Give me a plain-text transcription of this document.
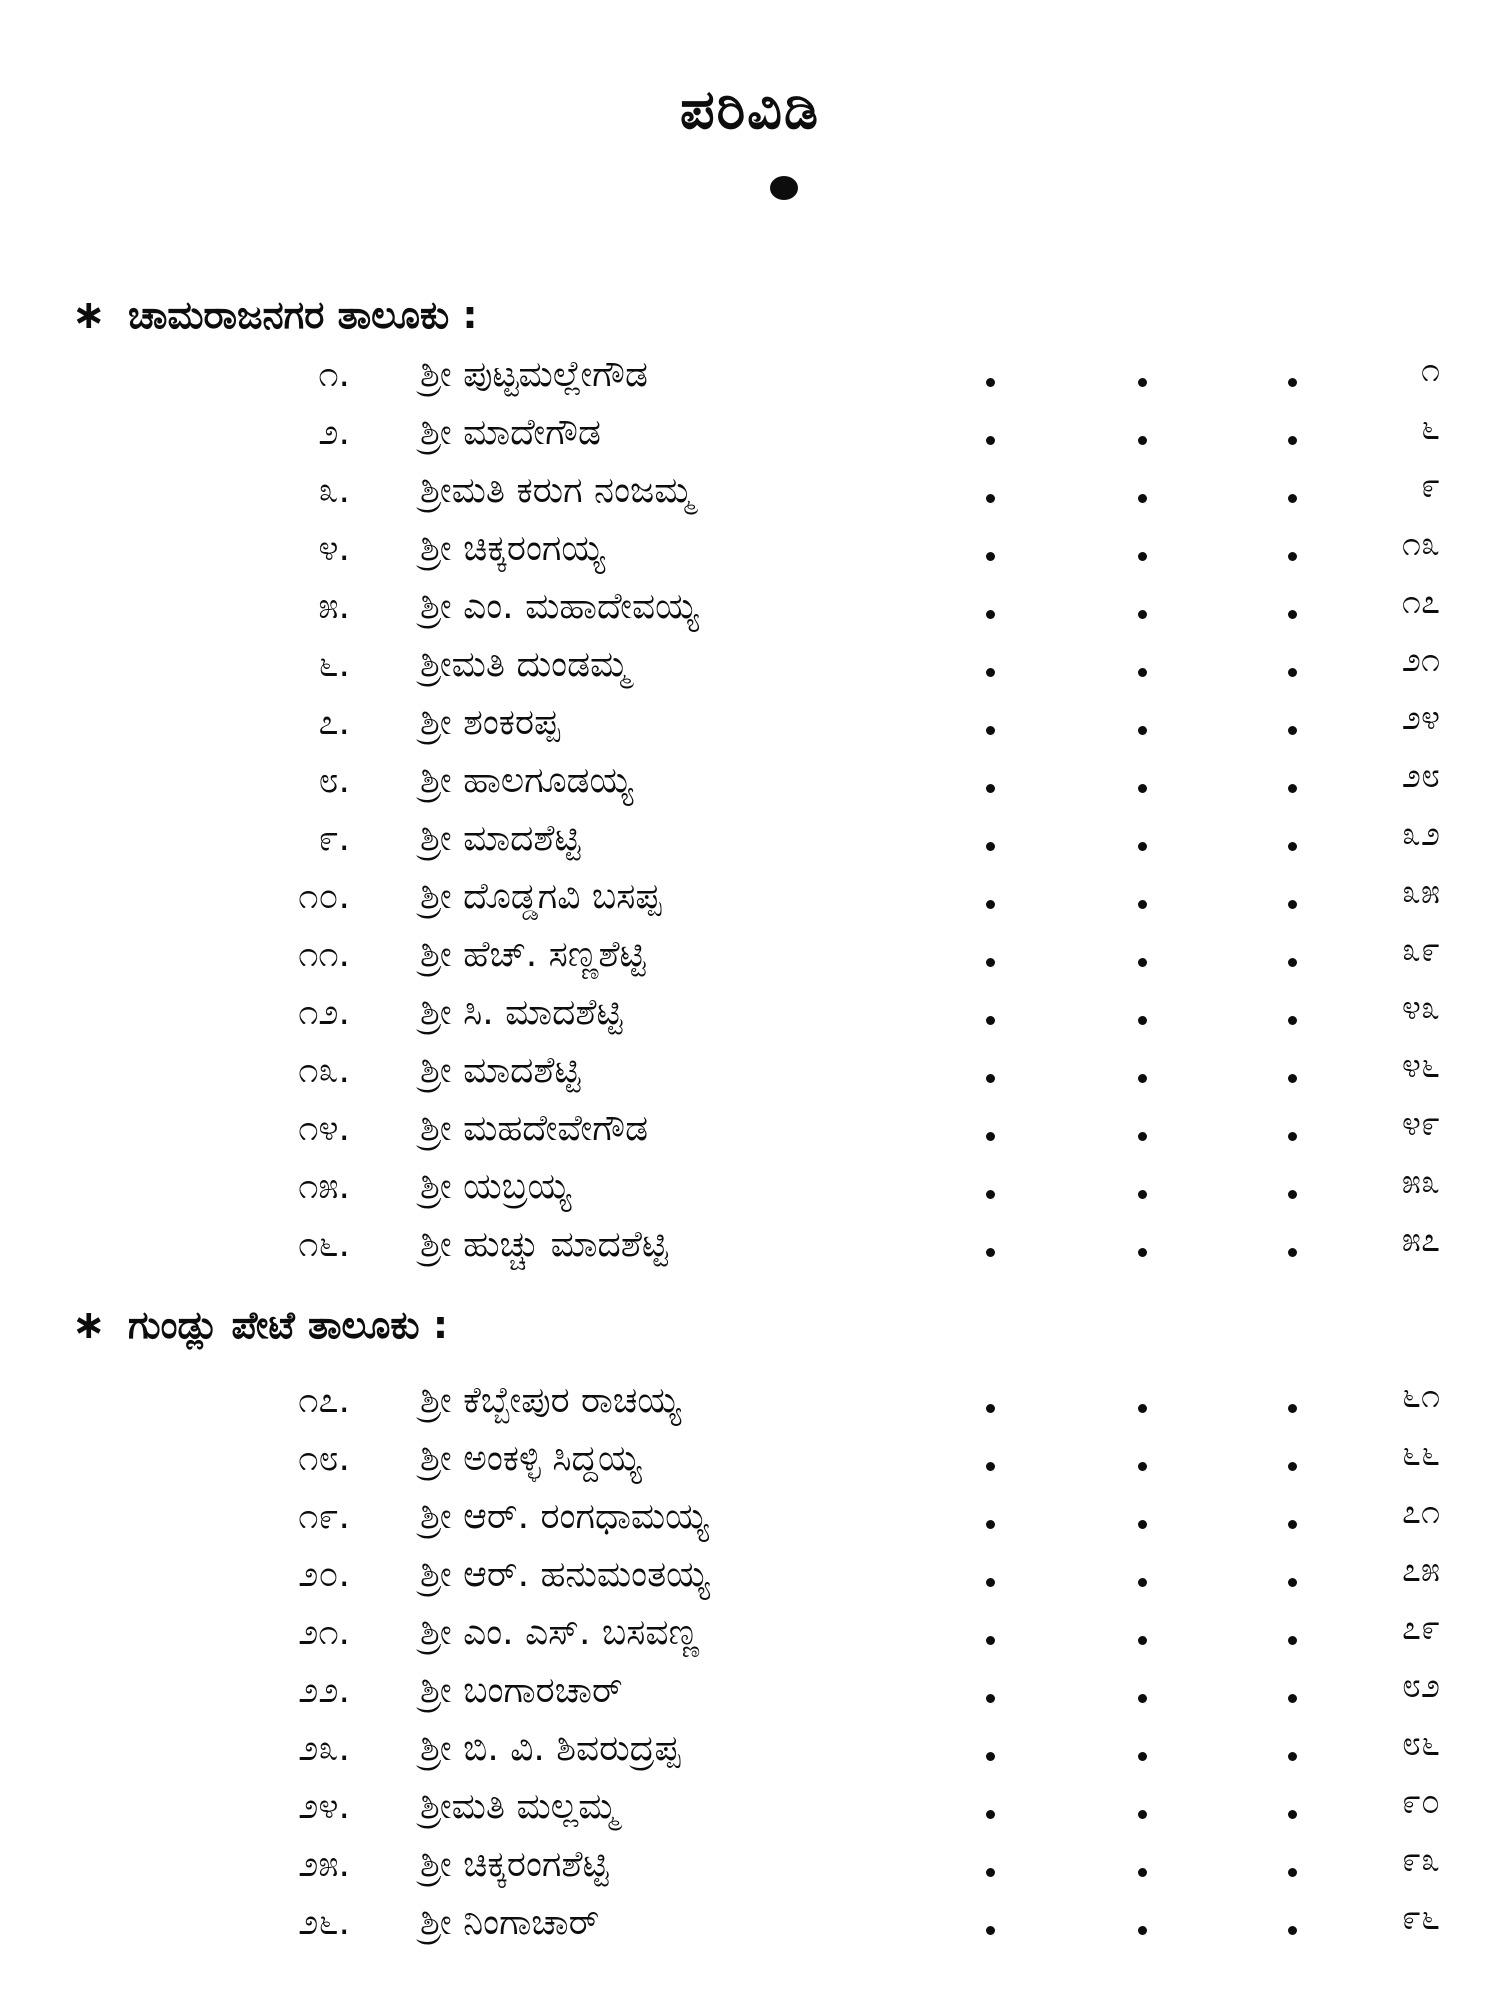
ಪರಿವಿಡಿ
∗ ಚಾಮರಾಜನಗರ ತಾಲೂಕು :
೧. ಶ್ರೀ ಪುಟ್ಟಮಲ್ಲೇಗೌಡ	೧
೨. ಶ್ರೀ ಮಾದೇಗೌಡ	೬
೩. ಶ್ರೀಮತಿ ಕರುಗ ನಂಜಮ್ಮ	೯
೪. ಶ್ರೀ ಚಿಕ್ಕರಂಗಯ್ಯ	೧೩
೫. ಶ್ರೀ ಎಂ. ಮಹಾದೇವಯ್ಯ	೧೭
೬. ಶ್ರೀಮತಿ ದುಂಡಮ್ಮ	೨೧
೭. ಶ್ರೀ ಶಂಕರಪ್ಪ	೨೪
೮. ಶ್ರೀ ಹಾಲಗೂಡಯ್ಯ	೨೮
೯. ಶ್ರೀ ಮಾದಶೆಟ್ಟಿ	೩೨
೧೦. ಶ್ರೀ ದೊಡ್ಡಗವಿ ಬಸಪ್ಪ	೩೫
೧೧. ಶ್ರೀ ಹೆಚ್. ಸಣ್ಣಶೆಟ್ಟಿ	೩೯
೧೨. ಶ್ರೀ ಸಿ. ಮಾದಶೆಟ್ಟಿ	೪೩
೧೩. ಶ್ರೀ ಮಾದಶೆಟ್ಟಿ	೪೬
೧೪. ಶ್ರೀ ಮಹದೇವೇಗೌಡ	೪೯
೧೫. ಶ್ರೀ ಯಬ್ರಯ್ಯ	೫೩
೧೬. ಶ್ರೀ ಹುಚ್ಚು ಮಾದಶೆಟ್ಟಿ	೫೭
∗ ಗುಂಡ್ಲು ಪೇಟೆ ತಾಲೂಕು :
೧೭. ಶ್ರೀ ಕೆಬ್ಬೇಪುರ ರಾಚಯ್ಯ	೬೧
೧೮. ಶ್ರೀ ಅಂಕಳ್ಳಿ ಸಿದ್ದಯ್ಯ	೬೬
೧೯. ಶ್ರೀ ಆರ್. ರಂಗಧಾಮಯ್ಯ	೭೧
೨೦. ಶ್ರೀ ಆರ್. ಹನುಮಂತಯ್ಯ	೭೫
೨೧. ಶ್ರೀ ಎಂ. ಎಸ್. ಬಸವಣ್ಣ	೭೯
೨೨. ಶ್ರೀ ಬಂಗಾರಚಾರ್	೮೨
೨೩. ಶ್ರೀ ಬಿ. ವಿ. ಶಿವರುದ್ರಪ್ಪ	೮೬
೨೪. ಶ್ರೀಮತಿ ಮಲ್ಲಮ್ಮ	೯೦
೨೫. ಶ್ರೀ ಚಿಕ್ಕರಂಗಶೆಟ್ಟಿ	೯೩
೨೬. ಶ್ರೀ ನಿಂಗಾಚಾರ್	೯೬
